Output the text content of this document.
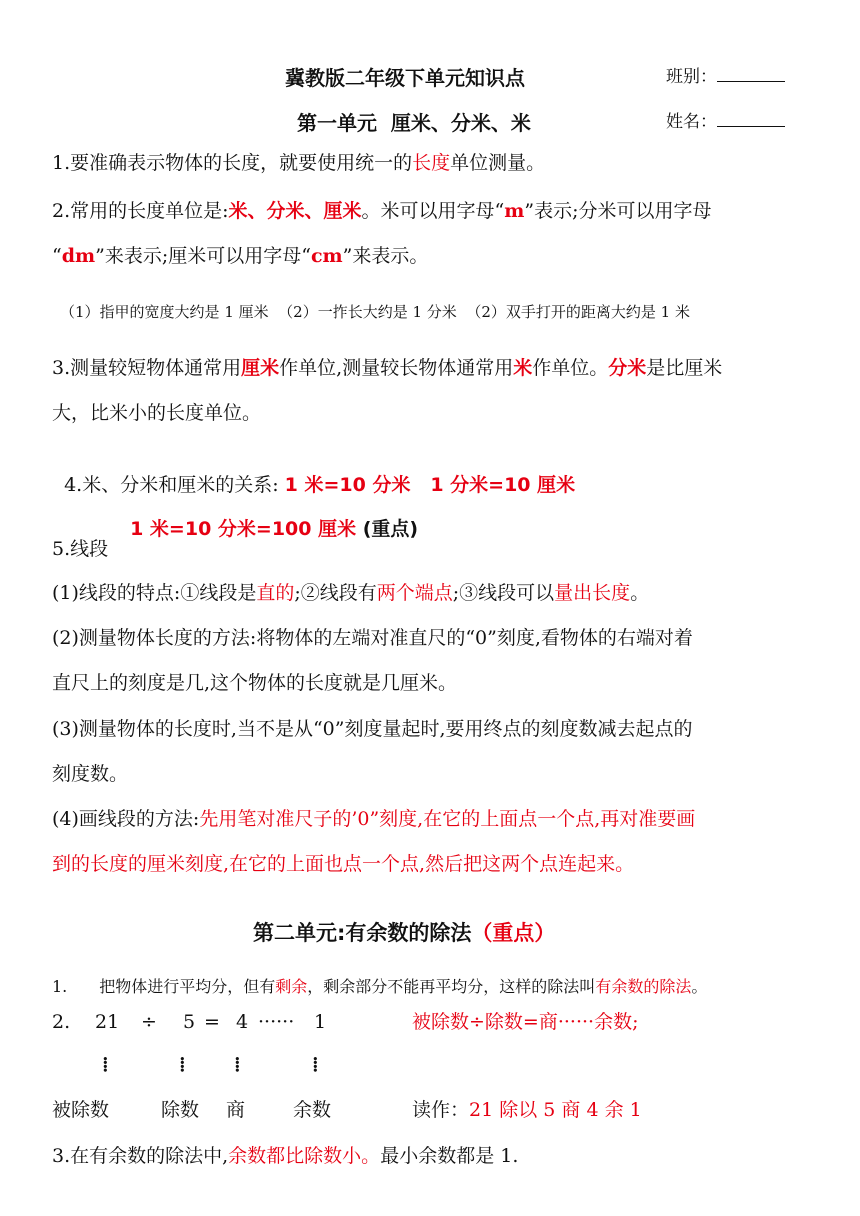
冀教版二年级下单元知识点	班别：
姓名：
第一单元  厘米、分米、米
1.要准确表示物体的长度，就要使用统一的长度单位测量。
2.常用的长度单位是:米、分米、厘米。米可以用字母“m”表示;分米可以用字母
“dm”来表示;厘米可以用字母“cm”来表示。
（1）指甲的宽度大约是 1 厘米  （2）一拃长大约是 1 分米  （2）双手打开的距离大约是 1 米
3.测量较短物体通常用厘米作单位,测量较长物体通常用米作单位。分米是比厘米
大，比米小的长度单位。

4.米、分米和厘米的关系: 1 米=10 分米   1 分米=10 厘米

1 米=10 分米=100 厘米 (重点)

5.线段
(1)线段的特点:①线段是直的;②线段有两个端点;③线段可以量出长度。
(2)测量物体长度的方法:将物体的左端对准直尺的“0”刻度,看物体的右端对着
直尺上的刻度是几,这个物体的长度就是几厘米。
(3)测量物体的长度时,当不是从“0”刻度量起时,要用终点的刻度数减去起点的
刻度数。
(4)画线段的方法:先用笔对准尺子的’0”刻度,在它的上面点一个点,再对准要画
到的长度的厘米刻度,在它的上面也点一个点,然后把这两个点连起来。
第二单元:有余数的除法（重点）
1. 把物体进行平均分，但有剩余，剩余部分不能再平均分，这样的除法叫有余数的除法。
2. 21 ÷ 5 = 4 ······ 1	被除数÷除数=商······余数;
⁞	⁞	⁞	⁞
被除数	除数 商	余数	读作：21 除以 5 商 4 余 1
3.在有余数的除法中,余数都比除数小。最小余数都是 1.
